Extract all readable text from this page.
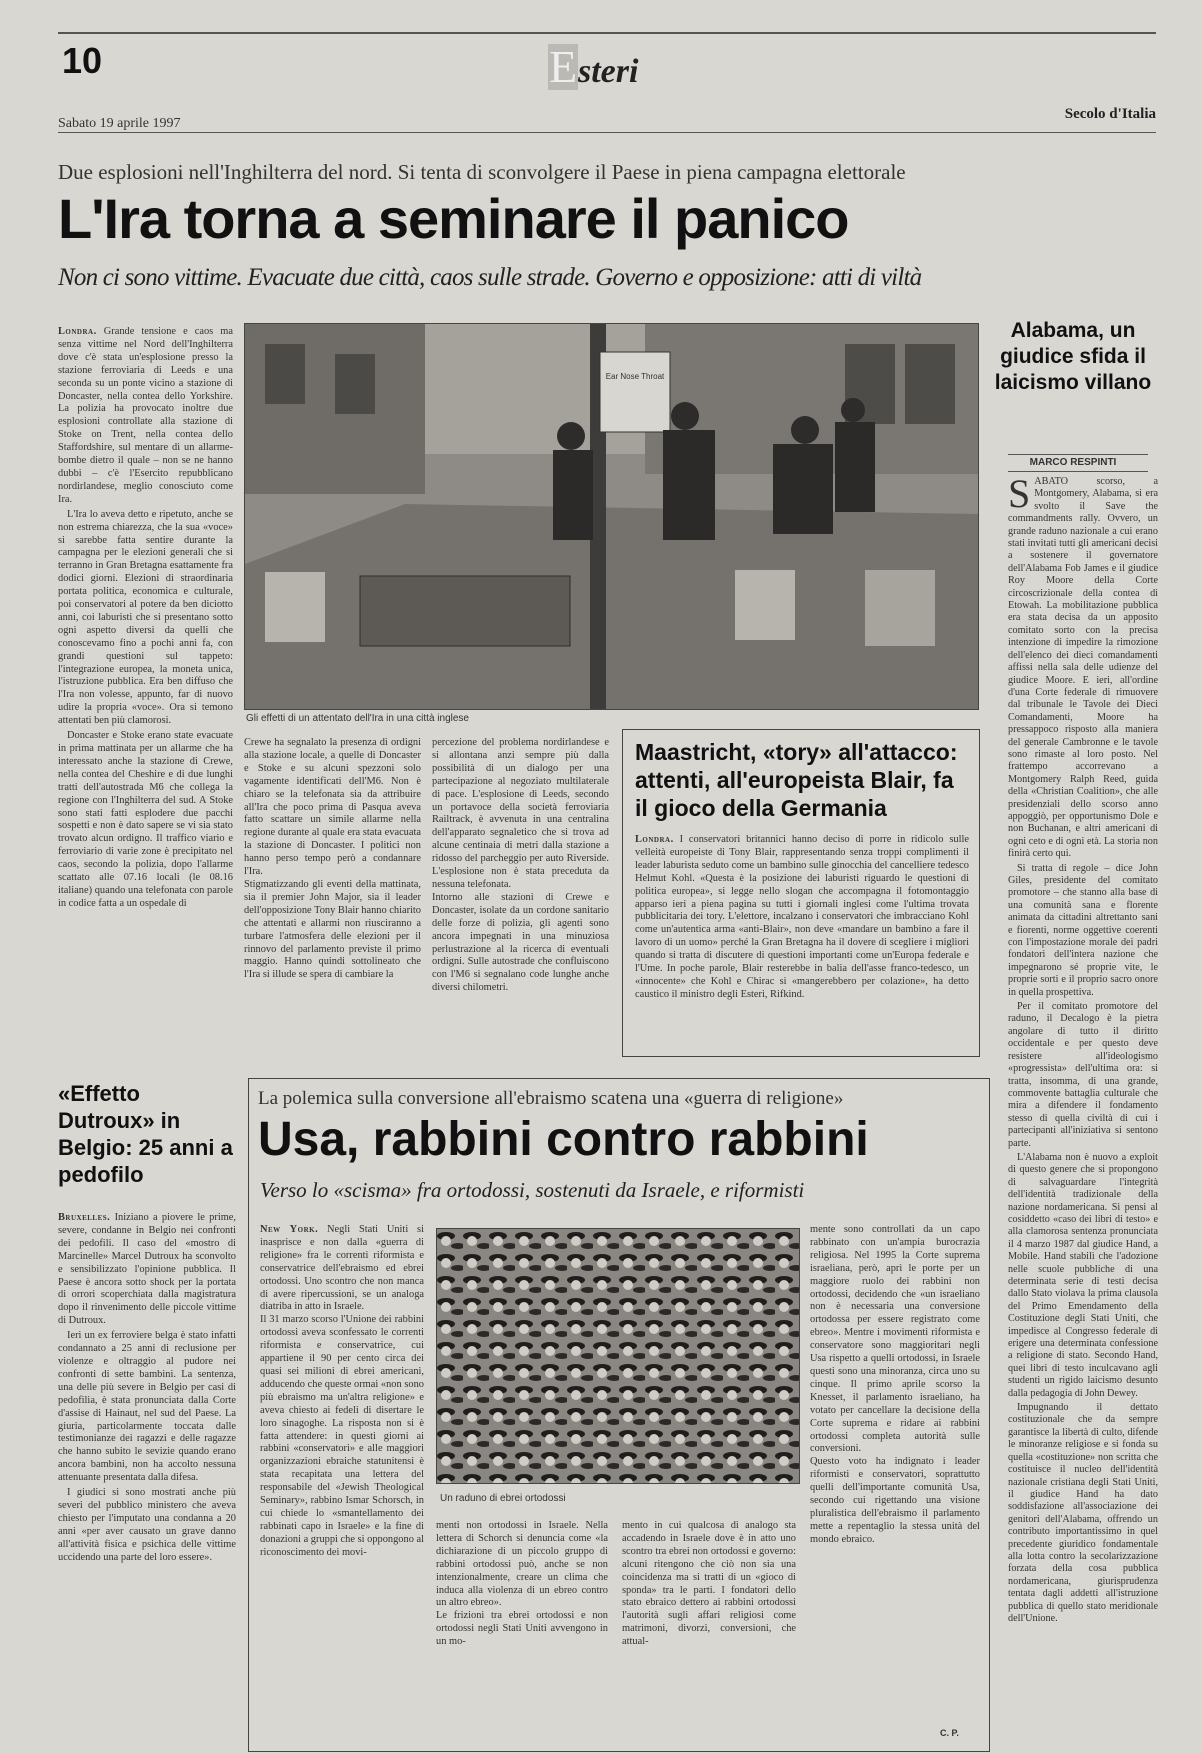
10	Esteri
Sabato 19 aprile 1997
Secolo d'Italia
Due esplosioni nell'Inghilterra del nord. Si tenta di sconvolgere il Paese in piena campagna elettorale
L'Ira torna a seminare il panico
Non ci sono vittime. Evacuate due città, caos sulle strade. Governo e opposizione: atti di viltà

Londra. Grande tensione e caos ma senza vittime nel Nord dell'Inghilterra dove c'è stata un'esplosione presso la stazione ferroviaria di Leeds e una seconda su un ponte vicino a stazione di Doncaster, nella contea dello Yorkshire. La polizia ha provocato inoltre due esplosioni controllate alla stazione di Stoke on Trent, nella contea dello Staffordshire, sul mentare di un allarme-bombe dietro il quale – non se ne hanno dubbi – c'è l'Esercito repubblicano nordirlandese, meglio conosciuto come Ira.

L'Ira lo aveva detto e ripetuto, anche se non estrema chiarezza, che la sua «voce» si sarebbe fatta sentire durante la campagna per le elezioni generali che si terranno in Gran Bretagna esattamente fra dodici giorni. Elezioni di straordinaria portata politica, economica e culturale, poi conservatori al potere da ben diciotto anni, coi laburisti che si presentano sotto ogni aspetto diversi da quelli che conoscevamo fino a pochi anni fa, con grandi questioni sul tappeto: l'integrazione europea, la moneta unica, l'istruzione pubblica. Era ben diffuso che l'Ira non volesse, appunto, far di nuovo udire la propria «voce». Ora si temono attentati ben più clamorosi.

Doncaster e Stoke erano state evacuate in prima mattinata per un allarme che ha interessato anche la stazione di Crewe, nella contea del Cheshire e di due lunghi tratti dell'autostrada M6 che collega la regione con l'Inghilterra del sud. A Stoke sono stati fatti esplodere due pacchi sospetti e non è dato sapere se vi sia stato trovato alcun ordigno. Il traffico viario e ferroviario di varie zone è precipitato nel caos, secondo la polizia, dopo l'allarme scattato alle 07.16 locali (le 08.16 italiane) quando una telefonata con parole in codice fatta a un ospedale di

Ear Nose Throat
Gli effetti di un attentato dell'Ira in una città inglese

Crewe ha segnalato la presenza di ordigni alla stazione locale, a quelle di Doncaster e Stoke e su alcuni spezzoni solo vagamente identificati dell'M6. Non è chiaro se la telefonata sia da attribuire all'Ira che poco prima di Pasqua aveva fatto scattare un simile allarme nella regione durante al quale era stata evacuata la stazione di Doncaster. I politici non hanno perso tempo però a condannare l'Ira.
Stigmatizzando gli eventi della mattinata, sia il premier John Major, sia il leader dell'opposizione Tony Blair hanno chiarito che attentati e allarmi non riusciranno a turbare l'atmosfera delle elezioni per il rinnovo del parlamento previste il primo maggio. Hanno quindi sottolineato che l'Ira si illude se spera di cambiare la

percezione del problema nordirlandese e si allontana anzi sempre più dalla possibilità di un dialogo per una partecipazione al negoziato multilaterale di pace. L'esplosione di Leeds, secondo un portavoce della società ferroviaria Railtrack, è avvenuta in una centralina dell'apparato segnaletico che si trova ad alcune centinaia di metri dalla stazione a ridosso del parcheggio per auto Riverside. L'esplosione non è stata preceduta da nessuna telefonata.
Intorno alle stazioni di Crewe e Doncaster, isolate da un cordone sanitario delle forze di polizia, gli agenti sono ancora impegnati in una minuziosa perlustrazione al la ricerca di eventuali ordigni. Sulle autostrade che confluiscono con l'M6 si segnalano code lunghe anche diversi chilometri.

Maastricht, «tory» all'attacco: attenti, all'europeista Blair, fa il gioco della Germania

Londra. I conservatori britannici hanno deciso di porre in ridicolo sulle velleità europeiste di Tony Blair, rappresentando senza troppi complimenti il leader laburista seduto come un bambino sulle ginocchia del cancelliere tedesco Helmut Kohl. «Questa è la posizione dei laburisti riguardo le questioni di politica europea», si legge nello slogan che accompagna il fotomontaggio apparso ieri a piena pagina su tutti i giornali inglesi come l'ultima trovata pubblicitaria dei tory. L'elettore, incalzano i conservatori che imbracciano Kohl come un'autentica arma «anti-Blair», non deve «mandare un bambino a fare il lavoro di un uomo» perché la Gran Bretagna ha il dovere di scegliere i migliori quando si tratta di discutere di questioni importanti come un'Europa federale e l'Ume. In poche parole, Blair resterebbe in balia dell'asse franco-tedesco, un «innocente» che Kohl e Chirac si «mangerebbero per colazione», ha detto caustico il ministro degli Esteri, Rifkind.

Alabama, un giudice sfida il laicismo villano
MARCO RESPINTI

SABATO scorso, a Montgomery, Alabama, si era svolto il Save the commandments rally. Ovvero, un grande raduno nazionale a cui erano stati invitati tutti gli americani decisi a sostenere il governatore dell'Alabama Fob James e il giudice Roy Moore della Corte circoscrizionale della contea di Etowah. La mobilitazione pubblica era stata decisa da un apposito comitato sorto con la precisa intenzione di impedire la rimozione dell'elenco dei dieci comandamenti affissi nella sala delle udienze del giudice Moore. E ieri, all'ordine d'una Corte federale di rimuovere dal tribunale le Tavole dei Dieci Comandamenti, Moore ha pressappoco risposto alla maniera del generale Cambronne e le tavole sono rimaste al loro posto. Nel frattempo accorrevano a Montgomery Ralph Reed, guida della «Christian Coalition», che alle presidenziali dello scorso anno appoggiò, per opportunismo Dole e non Buchanan, e altri americani di ogni ceto e di ogni età. La storia non finirà certo qui.

Si tratta di regole – dice John Giles, presidente del comitato promotore – che stanno alla base di una comunità sana e florente animata da cittadini altrettanto sani e fiorenti, norme oggettive coerenti con l'impostazione morale dei padri fondatori dell'intera nazione che impegnarono sé proprie vite, le proprie sorti e il proprio sacro onore in quella prospettiva.

Per il comitato promotore del raduno, il Decalogo è la pietra angolare di tutto il diritto occidentale e per questo deve resistere all'ideologismo «progressista» dell'ultima ora: si tratta, insomma, di una grande, commovente battaglia culturale che mira a difendere il fondamento stesso di quella civiltà di cui i partecipanti all'iniziativa si sentono parte.

L'Alabama non è nuovo a exploit di questo genere che si propongono di salvaguardare l'integrità dell'identità tradizionale della nazione nordamericana. Si pensi al cosiddetto «caso dei libri di testo» e alla clamorosa sentenza pronunciata il 4 marzo 1987 dal giudice Hand, a Mobile. Hand stabilì che l'adozione nelle scuole pubbliche di una determinata serie di testi decisa dallo Stato violava la prima clausola del Primo Emendamento della Costituzione degli Stati Uniti, che impedisce al Congresso federale di erigere una determinata confessione a religione di stato. Secondo Hand, quei libri di testo inculcavano agli studenti un rigido laicismo desunto dalla pedagogia di John Dewey.

Impugnando il dettato costituzionale che da sempre garantisce la libertà di culto, difende le minoranze religiose e si fonda su quella «costituzione» non scritta che costituisce il nucleo dell'identità nazionale cristiana degli Stati Uniti, il giudice Hand ha dato soddisfazione all'associazione dei genitori dell'Alabama, offrendo un contributo importantissimo in quel precedente giuridico fondamentale alla lotta contro la secolarizzazione forzata della cosa pubblica nordamericana, giurisprudenza tentata dagli addetti all'istruzione pubblica di quello stato meridionale dell'Unione.

«Effetto Dutroux» in Belgio: 25 anni a pedofilo

Bruxelles. Iniziano a piovere le prime, severe, condanne in Belgio nei confronti dei pedofili. Il caso del «mostro di Marcinelle» Marcel Dutroux ha sconvolto e sensibilizzato l'opinione pubblica. Il Paese è ancora sotto shock per la portata di orrori scoperchiata dalla magistratura dopo il rinvenimento delle piccole vittime di Dutroux.

Ieri un ex ferroviere belga è stato infatti condannato a 25 anni di reclusione per violenze e oltraggio al pudore nei confronti di sette bambini. La sentenza, una delle più severe in Belgio per casi di pedofilia, è stata pronunciata dalla Corte d'assise di Hainaut, nel sud del Paese. La giuria, particolarmente toccata dalle testimonianze dei ragazzi e delle ragazze che hanno subito le sevizie quando erano ancora bambini, non ha accolto nessuna attenuante presentata dalla difesa.

I giudici si sono mostrati anche più severi del pubblico ministero che aveva chiesto per l'imputato una condanna a 20 anni «per aver causato un grave danno all'attività fisica e psichica delle vittime uccidendo una parte del loro essere».

La polemica sulla conversione all'ebraismo scatena una «guerra di religione»
Usa, rabbini contro rabbini
Verso lo «scisma» fra ortodossi, sostenuti da Israele, e riformisti

New York. Negli Stati Uniti si inasprisce e non dalla «guerra di religione» fra le correnti riformista e conservatrice dell'ebraismo ed ebrei ortodossi. Uno scontro che non manca di avere ripercussioni, se un analoga diatriba in atto in Israele.
Il 31 marzo scorso l'Unione dei rabbini ortodossi aveva sconfessato le correnti riformista e conservatrice, cui appartiene il 90 per cento circa dei quasi sei milioni di ebrei americani, adducendo che queste ormai «non sono più ebraismo ma un'altra religione» e aveva chiesto ai fedeli di disertare le loro sinagoghe. La risposta non si è fatta attendere: in questi giorni ai rabbini «conservatori» e alle maggiori organizzazioni ebraiche statunitensi è stata recapitata una lettera del responsabile del «Jewish Theological Seminary», rabbino Ismar Schorsch, in cui chiede lo «smantellamento dei rabbinati capo in Israele» e la fine di donazioni a gruppi che si oppongono al riconoscimento dei movi-

Un raduno di ebrei ortodossi

menti non ortodossi in Israele. Nella lettera di Schorch si denuncia come «la dichiarazione di un piccolo gruppo di rabbini ortodossi può, anche se non intenzionalmente, creare un clima che induca alla violenza di un ebreo contro un altro ebreo».
Le frizioni tra ebrei ortodossi e non ortodossi negli Stati Uniti avvengono in un mo-

mento in cui qualcosa di analogo sta accadendo in Israele dove è in atto uno scontro tra ebrei non ortodossi e governo: alcuni ritengono che ciò non sia una coincidenza ma si tratti di un «gioco di sponda» tra le parti. I fondatori dello stato ebraico dettero ai rabbini ortodossi l'autorità sugli affari religiosi come matrimoni, divorzi, conversioni, che attual-

mente sono controllati da un capo rabbinato con un'ampia burocrazia religiosa. Nel 1995 la Corte suprema israeliana, però, aprì le porte per un maggiore ruolo dei rabbini non ortodossi, decidendo che «un israeliano non è necessaria una conversione ortodossa per essere registrato come ebreo». Mentre i movimenti riformista e conservatore sono maggioritari negli Usa rispetto a quelli ortodossi, in Israele questi sono una minoranza, circa uno su cinque. Il primo aprile scorso la Knesset, il parlamento israeliano, ha votato per cancellare la decisione della Corte suprema e ridare ai rabbini ortodossi completa autorità sulle conversioni.
Questo voto ha indignato i leader riformisti e conservatori, soprattutto quelli dell'importante comunità Usa, secondo cui rigettando una visione pluralistica dell'ebraismo il parlamento mette a repentaglio la stessa unità del mondo ebraico.

C. P.
